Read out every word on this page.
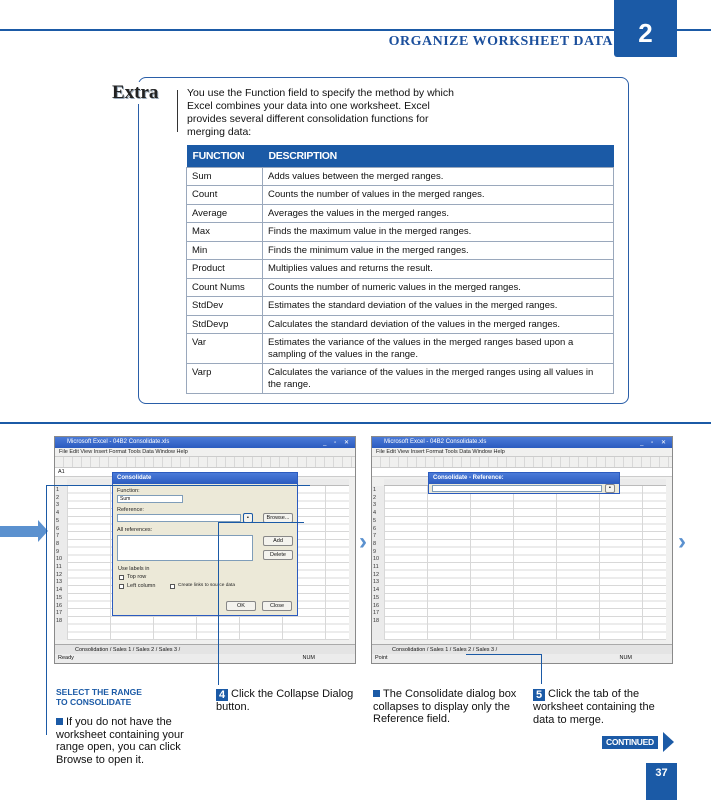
ORGANIZE WORKSHEET DATA 2
Extra	You use the Function field to specify the method by which Excel combines your data into one worksheet. Excel provides several different consolidation functions for merging data:
FUNCTION	DESCRIPTION
Sum	Adds values between the merged ranges.
Count	Counts the number of values in the merged ranges.
Average	Averages the values in the merged ranges.
Max	Finds the maximum value in the merged ranges.
Min	Finds the minimum value in the merged ranges.
Product	Multiplies values and returns the result.
Count Nums	Counts the number of numeric values in the merged ranges.
StdDev	Estimates the standard deviation of the values in the merged ranges.
StdDevp	Calculates the standard deviation of the values in the merged ranges.
Var	Estimates the variance of the values in the merged ranges based upon a sampling of the values in the range.
Varp	Calculates the variance of the values in the merged ranges using all values in the range.
›	›
Microsoft Excel - 04B2 Consolidate.xls	_ ▫ ✕
File Edit View Insert Format Tools Data Window Help
A1
1
2
3
4
5
6
7
8
9
10
11
12
13
14
15
16
17
18
Consolidate
Function:
Sum
Reference:
▪	Browse...
All references:
Add
Delete
Use labels in
Top row
Left column	Create links to source data
OK	Close
Consolidation / Sales 1 / Sales 2 / Sales 3 /
Ready	NUM
Microsoft Excel - 04B2 Consolidate.xls	_ ▫ ✕
File Edit View Insert Format Tools Data Window Help
1
2
3
4
5
6
7
8
9
10
11
12
13
14
15
16
17
18
Consolidate - Reference:
▪
Consolidation / Sales 1 / Sales 2 / Sales 3 /
Point	NUM
SELECT THE RANGE
TO CONSOLIDATE
If you do not have the worksheet containing your range open, you can click Browse to open it.
4 Click the Collapse Dialog button.
The Consolidate dialog box collapses to display only the Reference field.
5 Click the tab of the worksheet containing the data to merge.
CONTINUED
37
